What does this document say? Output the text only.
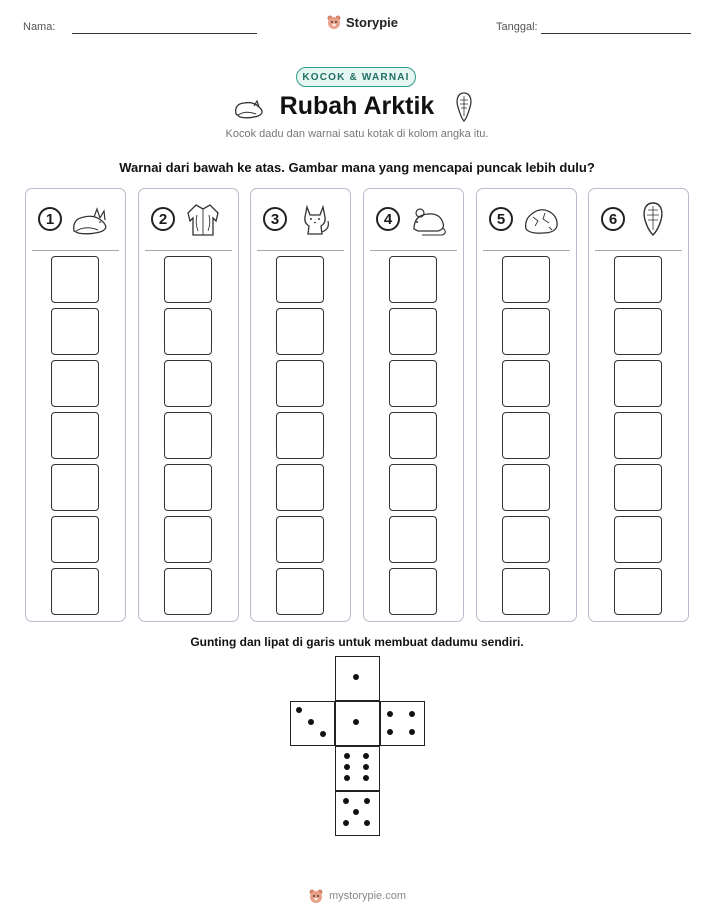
Nama:	Storypie	Tanggal:
KOCOK & WARNAI
Rubah Arktik
Kocok dadu dan warnai satu kotak di kolom angka itu.
Warnai dari bawah ke atas. Gambar mana yang mencapai puncak lebih dulu?
1	2	3	4	5	6
Gunting dan lipat di garis untuk membuat dadumu sendiri.
mystorypie.com
